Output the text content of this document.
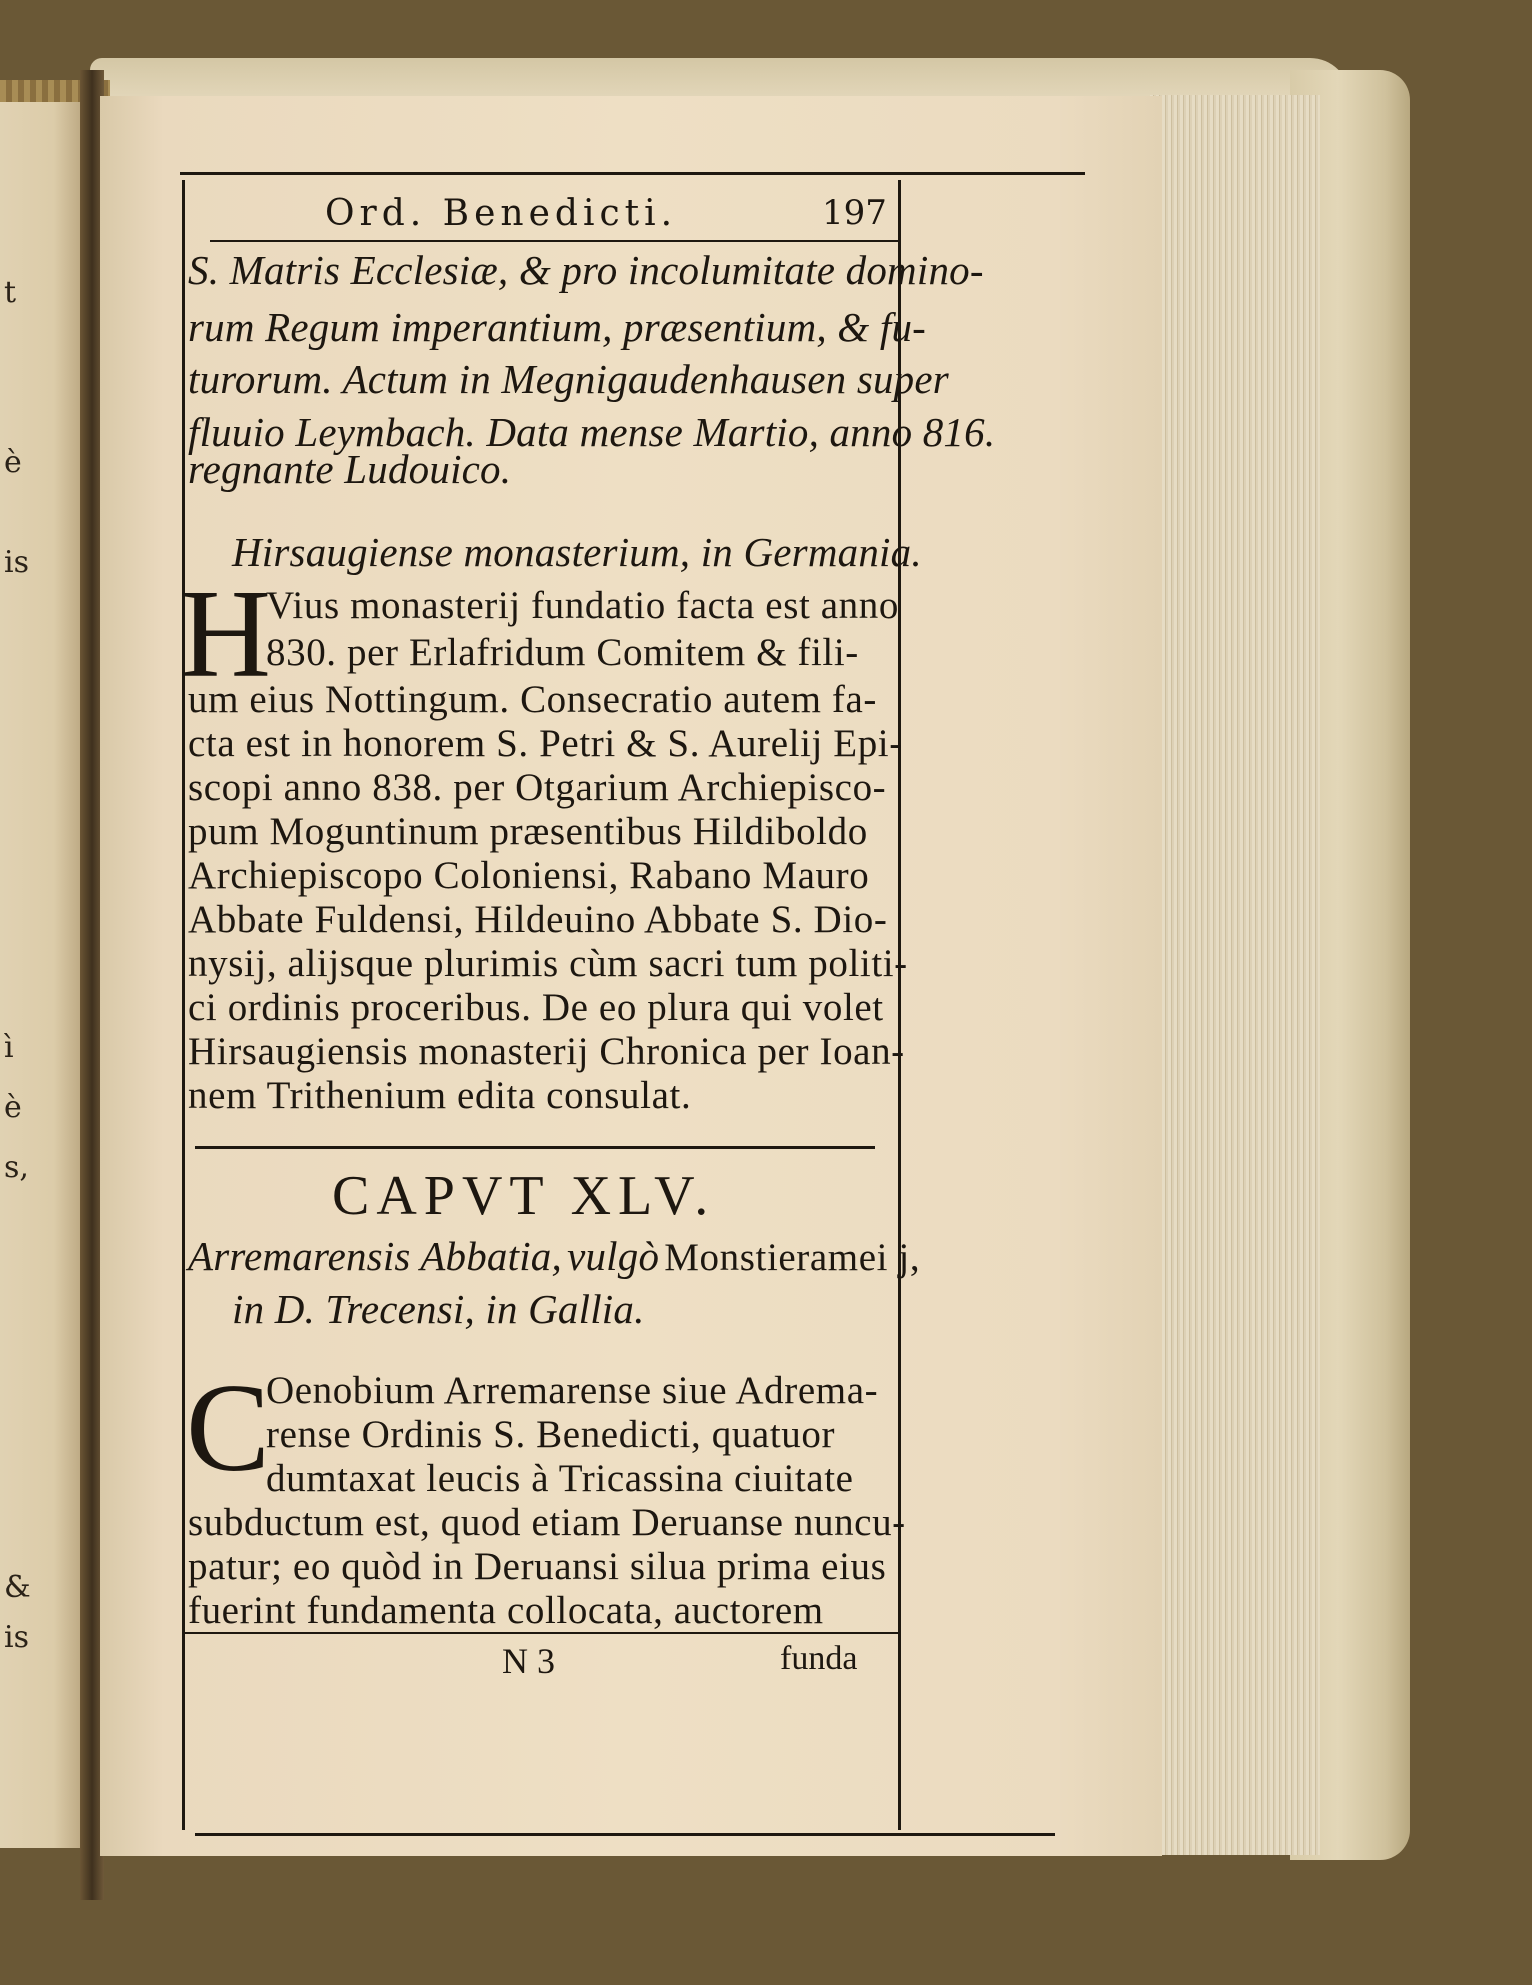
t
è
is
ì
è
s,
&
is
Ord. Benedicti.	197
S. Matris Ecclesiæ, & pro incolumitate domino-
rum Regum imperantium, præsentium, & fu-
turorum. Actum in Megnigaudenhausen super
fluuio Leymbach. Data mense Martio, anno 816.
regnante Ludouico.
Hirsaugiense monasterium, in Germania.
H
Vius monasterij fundatio facta est anno
830. per Erlafridum Comitem & fili-
um eius Nottingum. Consecratio autem fa-
cta est in honorem S. Petri & S. Aurelij Epi-
scopi anno 838. per Otgarium Archiepisco-
pum Moguntinum præsentibus Hildiboldo
Archiepiscopo Coloniensi, Rabano Mauro
Abbate Fuldensi, Hildeuino Abbate S. Dio-
nysij, alijsque plurimis cùm sacri tum politi-
ci ordinis proceribus. De eo plura qui volet
Hirsaugiensis monasterij Chronica per Ioan-
nem Trithenium edita consulat.
CAPVT XLV.
Arremarensis Abbatia, vulgò Monstieramei j,
in D. Trecensi, in Gallia.
C
Oenobium Arremarense siue Adrema-
rense Ordinis S. Benedicti, quatuor
dumtaxat leucis à Tricassina ciuitate
subductum est, quod etiam Deruanse nuncu-
patur; eo quòd in Deruansi silua prima eius
fuerint fundamenta collocata, auctorem
N 3	funda
